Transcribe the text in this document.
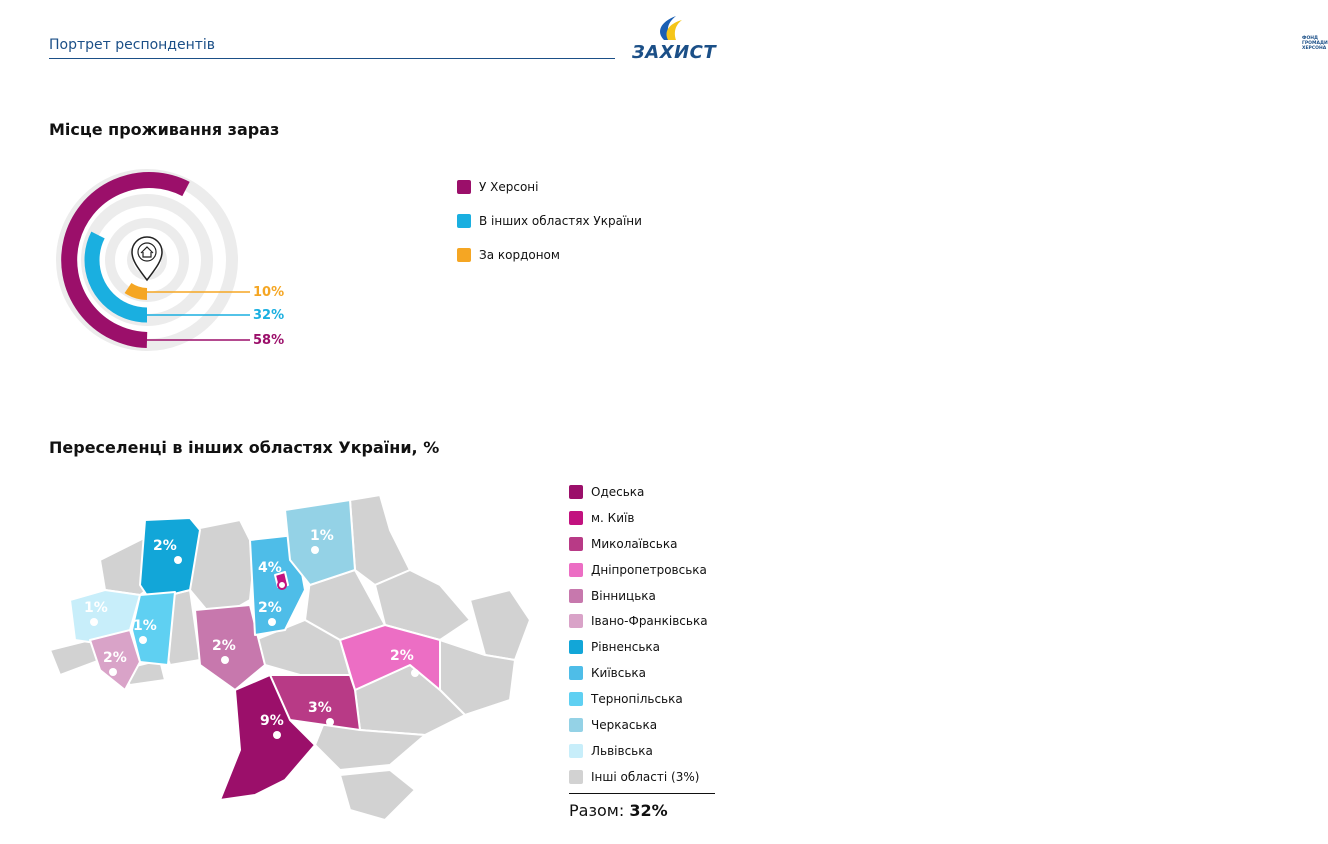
Портрет респондентів	ФОНД
ГРОМАДИ
ХЕРСОНА
ЗАХИСТ
Місце проживання зараз
10%
32%
58%
У Херсоні
В інших областях України
За кордоном
Переселенці в інших областях України, %
2%
1%
4%
2%
1%
1%
2%
2%
2%
9%
3%
Одеська
м. Київ
Миколаївська
Дніпропетровська
Вінницька
Івано-Франківська
Рівненська
Київська
Тернопільська
Черкаська
Львівська
Інші області (3%)
Разом: 32%
